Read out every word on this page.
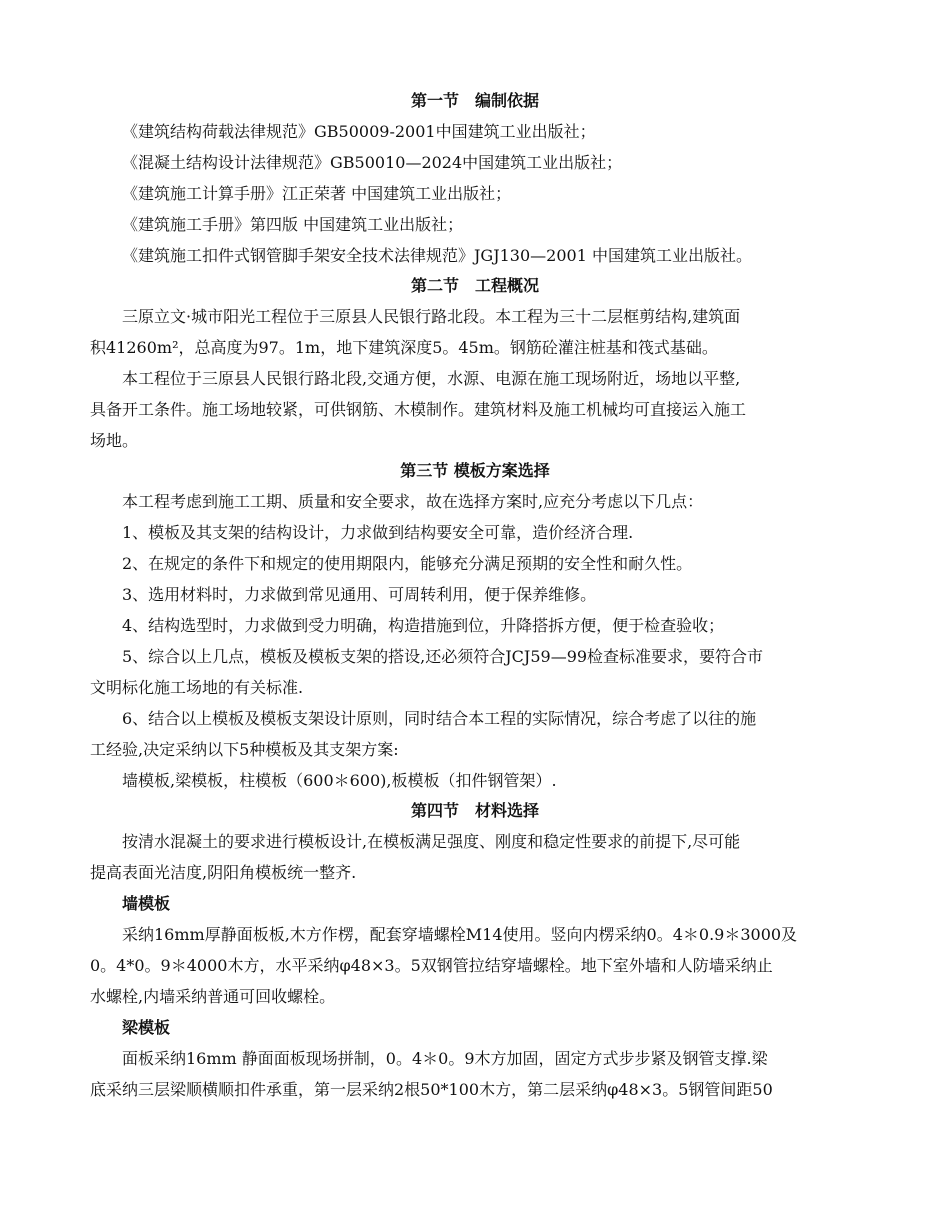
第一节　编制依据
《建筑结构荷载法律规范》GB50009-2001中国建筑工业出版社；
《混凝土结构设计法律规范》GB50010—2024中国建筑工业出版社；
《建筑施工计算手册》江正荣著 中国建筑工业出版社；
《建筑施工手册》第四版 中国建筑工业出版社；
《建筑施工扣件式钢管脚手架安全技术法律规范》JGJ130—2001 中国建筑工业出版社。
第二节　工程概况
三原立文·城市阳光工程位于三原县人民银行路北段。本工程为三十二层框剪结构,建筑面
积41260m²，总高度为97。1m，地下建筑深度5。45m。钢筋砼灌注桩基和筏式基础。
本工程位于三原县人民银行路北段,交通方便，水源、电源在施工现场附近，场地以平整,
具备开工条件。施工场地较紧，可供钢筋、木模制作。建筑材料及施工机械均可直接运入施工
场地。
第三节 模板方案选择
本工程考虑到施工工期、质量和安全要求，故在选择方案时,应充分考虑以下几点：
1、模板及其支架的结构设计，力求做到结构要安全可靠，造价经济合理.
2、在规定的条件下和规定的使用期限内，能够充分满足预期的安全性和耐久性。
3、选用材料时，力求做到常见通用、可周转利用，便于保养维修。
4、结构选型时，力求做到受力明确，构造措施到位，升降搭拆方便，便于检查验收；
5、综合以上几点，模板及模板支架的搭设,还必须符合JCJ59—99检查标准要求，要符合市
文明标化施工场地的有关标准.
6、结合以上模板及模板支架设计原则，同时结合本工程的实际情况，综合考虑了以往的施
工经验,决定采纳以下5种模板及其支架方案:
墙模板,梁模板，柱模板（600＊600),板模板（扣件钢管架）.
第四节　材料选择
按清水混凝土的要求进行模板设计,在模板满足强度、刚度和稳定性要求的前提下,尽可能
提高表面光洁度,阴阳角模板统一整齐.
墙模板
采纳16mm厚静面板板,木方作楞，配套穿墙螺栓M14使用。竖向内楞采纳0。4＊0.9＊3000及
0。4*0。9＊4000木方，水平采纳φ48×3。5双钢管拉结穿墙螺栓。地下室外墙和人防墙采纳止
水螺栓,内墙采纳普通可回收螺栓。
梁模板
面板采纳16mm 静面面板现场拼制，0。4＊0。9木方加固，固定方式步步紧及钢管支撑.梁
底采纳三层梁顺横顺扣件承重，第一层采纳2根50*100木方，第二层采纳φ48×3。5钢管间距50
